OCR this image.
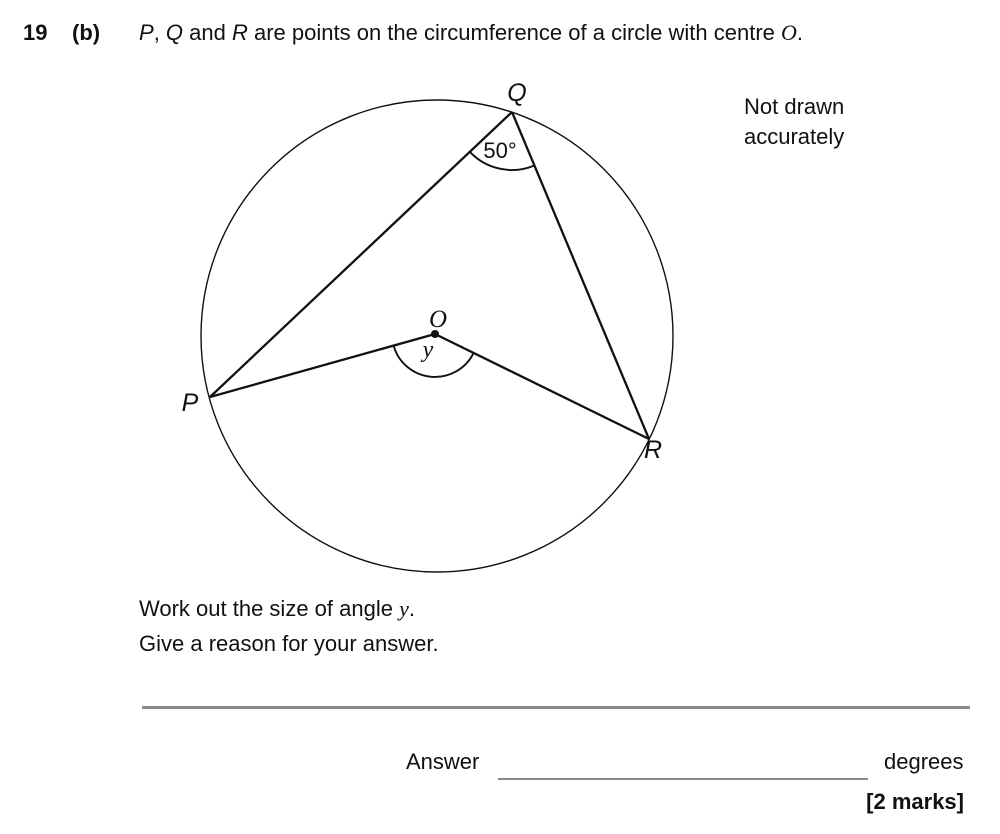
19 (b) P, Q and R are points on the circumference of a circle with centre O.

Not drawn
accurately
Q
P
R
O
y
50°

Work out the size of angle y.

Give a reason for your answer.

Answer	degrees
[2 marks]
